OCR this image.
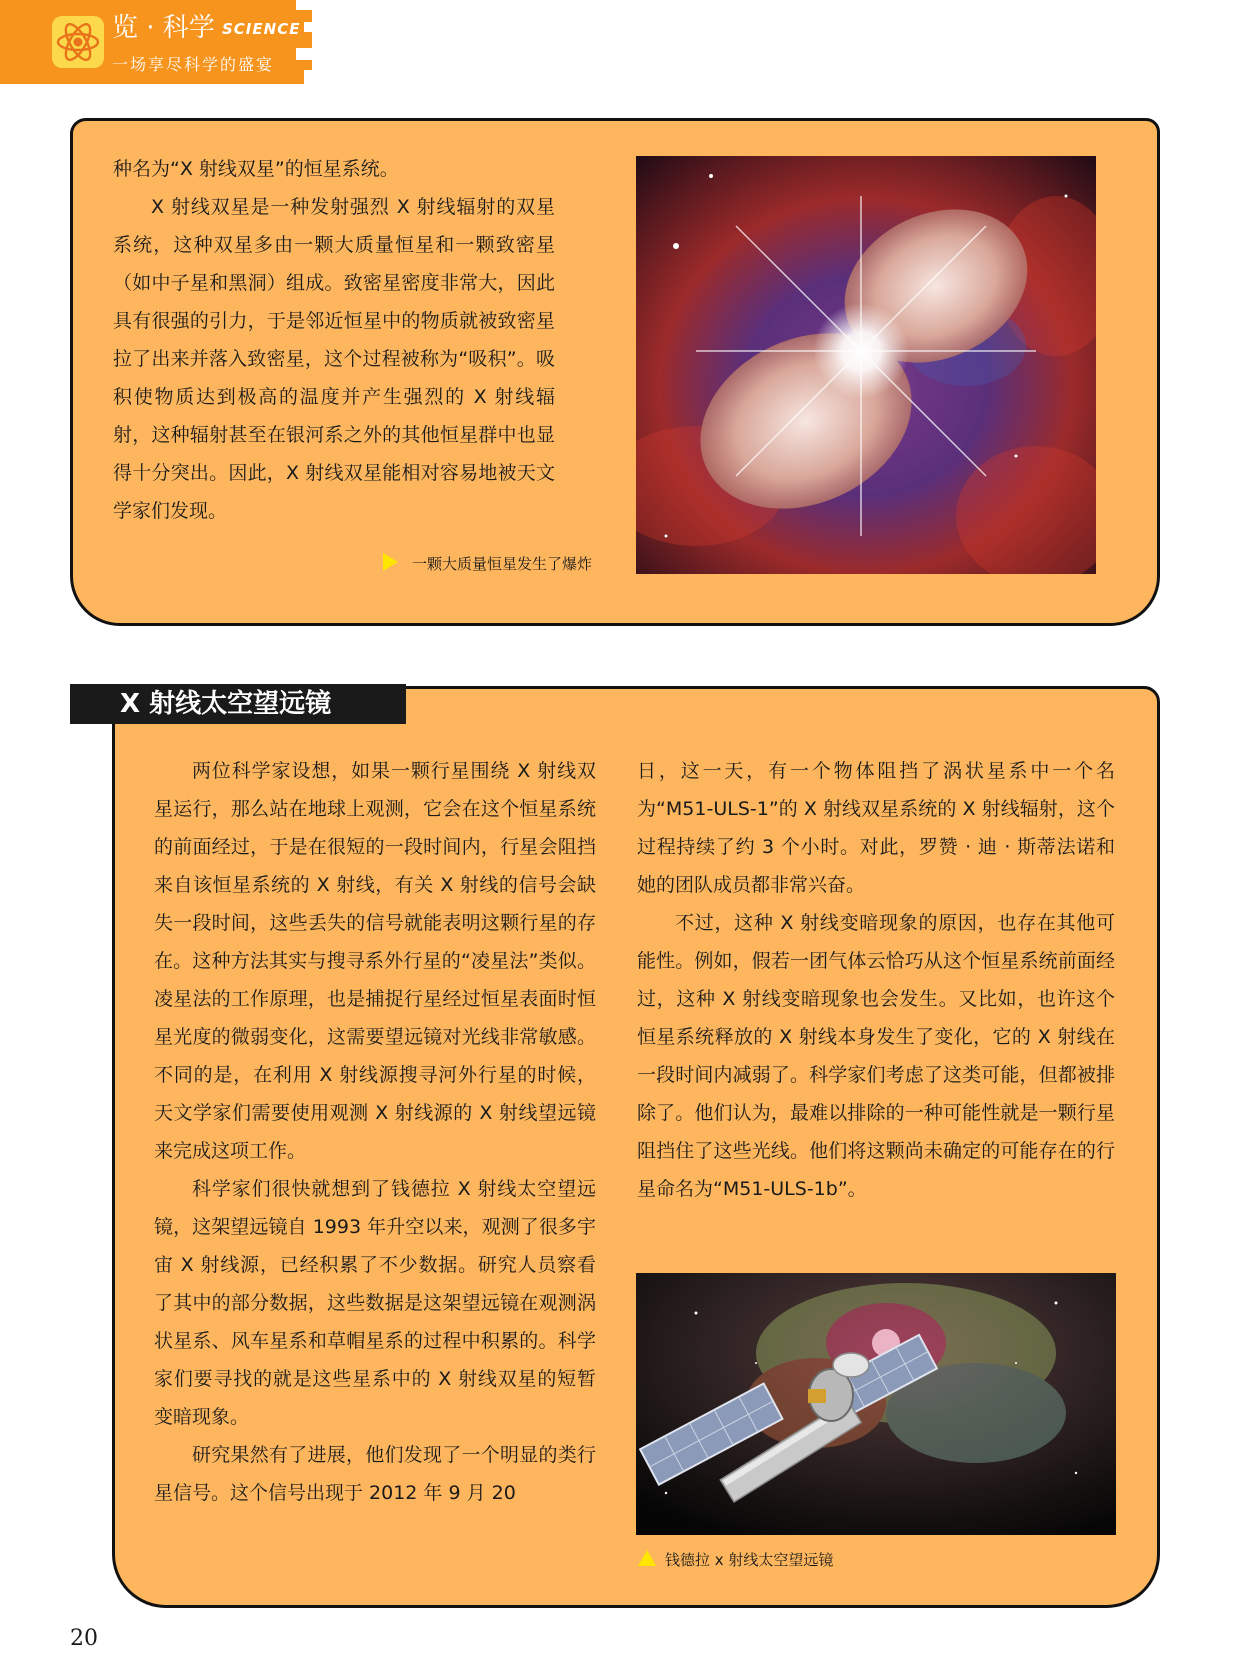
览 · 科学 SCIENCE
一场享尽科学的盛宴

种名为“X 射线双星”的恒星系统。

X 射线双星是一种发射强烈 X 射线辐射的双星系统，这种双星多由一颗大质量恒星和一颗致密星（如中子星和黑洞）组成。致密星密度非常大，因此具有很强的引力，于是邻近恒星中的物质就被致密星拉了出来并落入致密星，这个过程被称为“吸积”。吸积使物质达到极高的温度并产生强烈的 X 射线辐射，这种辐射甚至在银河系之外的其他恒星群中也显得十分突出。因此，X 射线双星能相对容易地被天文学家们发现。

一颗大质量恒星发生了爆炸
X 射线太空望远镜

两位科学家设想，如果一颗行星围绕 X 射线双星运行，那么站在地球上观测，它会在这个恒星系统的前面经过，于是在很短的一段时间内，行星会阻挡来自该恒星系统的 X 射线，有关 X 射线的信号会缺失一段时间，这些丢失的信号就能表明这颗行星的存在。这种方法其实与搜寻系外行星的“凌星法”类似。凌星法的工作原理，也是捕捉行星经过恒星表面时恒星光度的微弱变化，这需要望远镜对光线非常敏感。不同的是，在利用 X 射线源搜寻河外行星的时候，天文学家们需要使用观测 X 射线源的 X 射线望远镜来完成这项工作。

科学家们很快就想到了钱德拉 X 射线太空望远镜，这架望远镜自 1993 年升空以来，观测了很多宇宙 X 射线源，已经积累了不少数据。研究人员察看了其中的部分数据，这些数据是这架望远镜在观测涡状星系、风车星系和草帽星系的过程中积累的。科学家们要寻找的就是这些星系中的 X 射线双星的短暂变暗现象。

研究果然有了进展，他们发现了一个明显的类行星信号。这个信号出现于 2012 年 9 月 20

日，这一天，有一个物体阻挡了涡状星系中一个名为“M51-ULS-1”的 X 射线双星系统的 X 射线辐射，这个过程持续了约 3 个小时。对此，罗赞 · 迪 · 斯蒂法诺和她的团队成员都非常兴奋。

不过，这种 X 射线变暗现象的原因，也存在其他可能性。例如，假若一团气体云恰巧从这个恒星系统前面经过，这种 X 射线变暗现象也会发生。又比如，也许这个恒星系统释放的 X 射线本身发生了变化，它的 X 射线在一段时间内减弱了。科学家们考虑了这类可能，但都被排除了。他们认为，最难以排除的一种可能性就是一颗行星阻挡住了这些光线。他们将这颗尚未确定的可能存在的行星命名为“M51-ULS-1b”。

钱德拉 x 射线太空望远镜
20
